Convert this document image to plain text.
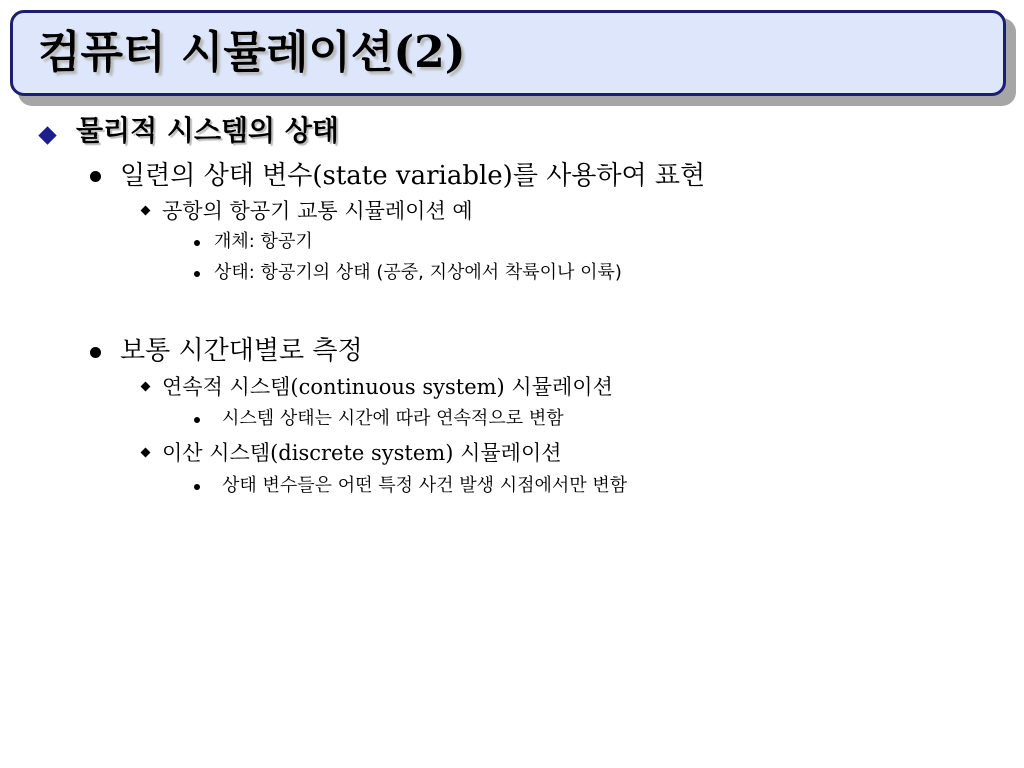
컴퓨터 시뮬레이션(2)
물리적 시스템의 상태
일련의 상태 변수(state variable)를 사용하여 표현
공항의 항공기 교통 시뮬레이션 예
개체: 항공기
상태: 항공기의 상태 (공중, 지상에서 착륙이나 이륙)
보통 시간대별로 측정
연속적 시스템(continuous system) 시뮬레이션
시스템 상태는 시간에 따라 연속적으로 변함
이산 시스템(discrete system) 시뮬레이션
상태 변수들은 어떤 특정 사건 발생 시점에서만 변함
